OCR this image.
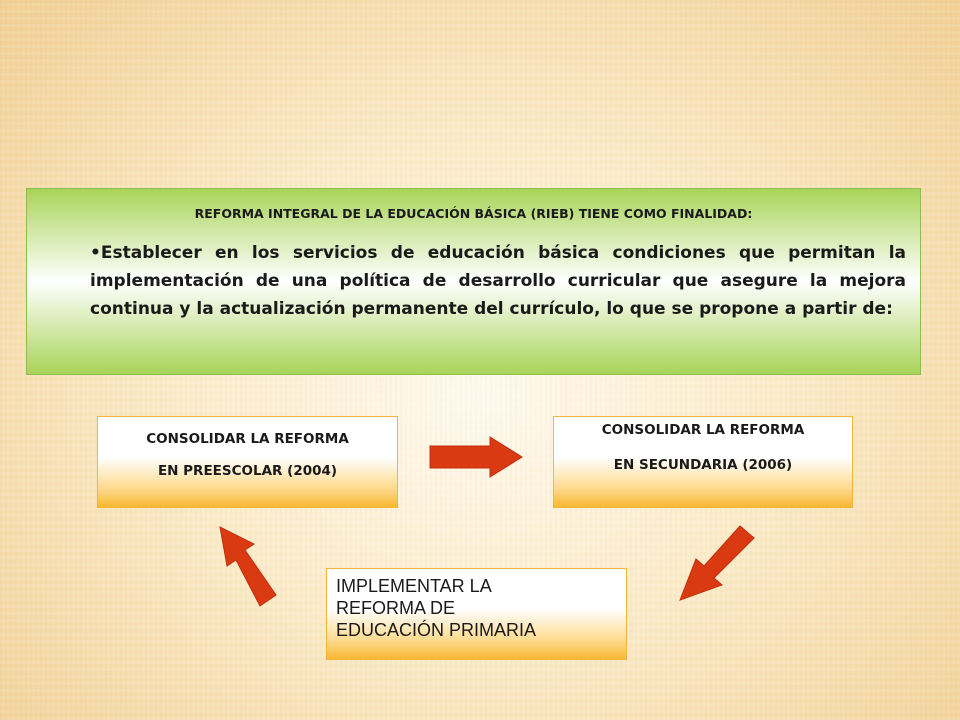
REFORMA INTEGRAL DE LA EDUCACIÓN BÁSICA (RIEB) TIENE COMO FINALIDAD:
•Establecer en los servicios de educación básica condiciones que permitan la implementación de una política de desarrollo curricular que asegure la mejora continua y la actualización permanente del currículo, lo que se propone a partir de:
CONSOLIDAR LA REFORMA
EN PREESCOLAR (2004)
CONSOLIDAR LA REFORMA
EN SECUNDARIA (2006)
IMPLEMENTAR LA
REFORMA DE
EDUCACIÓN PRIMARIA
